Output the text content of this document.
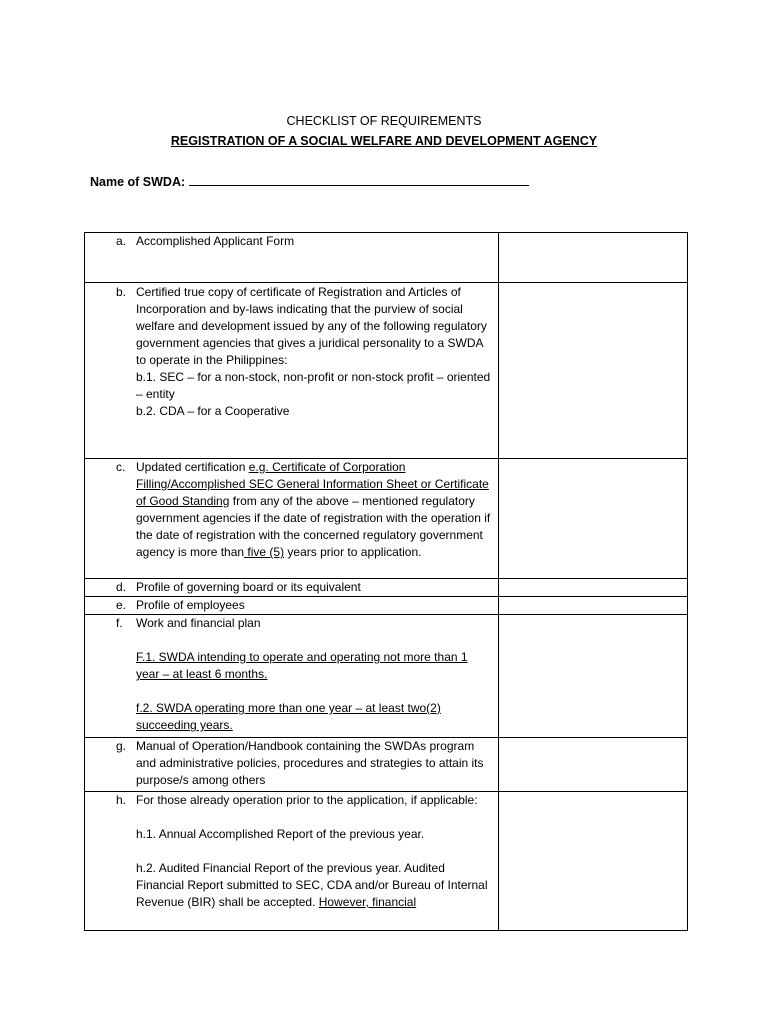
CHECKLIST OF REQUIREMENTS
REGISTRATION OF A SOCIAL WELFARE AND DEVELOPMENT AGENCY
Name of SWDA:
a. Accomplished Applicant Form	

b. Certified true copy of certificate of Registration and Articles of Incorporation and by-laws indicating that the purview of social welfare and development issued by any of the following regulatory government agencies that gives a juridical personality to a SWDA to operate in the Philippines:
b.1. SEC – for a non-stock, non-profit or non-stock profit – oriented – entity
b.2. CDA – for a Cooperative	

c. Updated certification e.g. Certificate of Corporation Filling/Accomplished SEC General Information Sheet or Certificate of Good Standing from any of the above – mentioned regulatory government agencies if the date of registration with the operation if the date of registration with the concerned regulatory government agency is more than five (5) years prior to application.	

d. Profile of governing board or its equivalent	

e. Profile of employees	

f. Work and financial plan
F.1. SWDA intending to operate and operating not more than 1 year – at least 6 months.
f.2. SWDA operating more than one year – at least two(2) succeeding years.	

g. Manual of Operation/Handbook containing the SWDAs program and administrative policies, procedures and strategies to attain its purpose/s among others	

h. For those already operation prior to the application, if applicable:
h.1. Annual Accomplished Report of the previous year.
h.2. Audited Financial Report of the previous year. Audited Financial Report submitted to SEC, CDA and/or Bureau of Internal Revenue (BIR) shall be accepted. However, financial	
